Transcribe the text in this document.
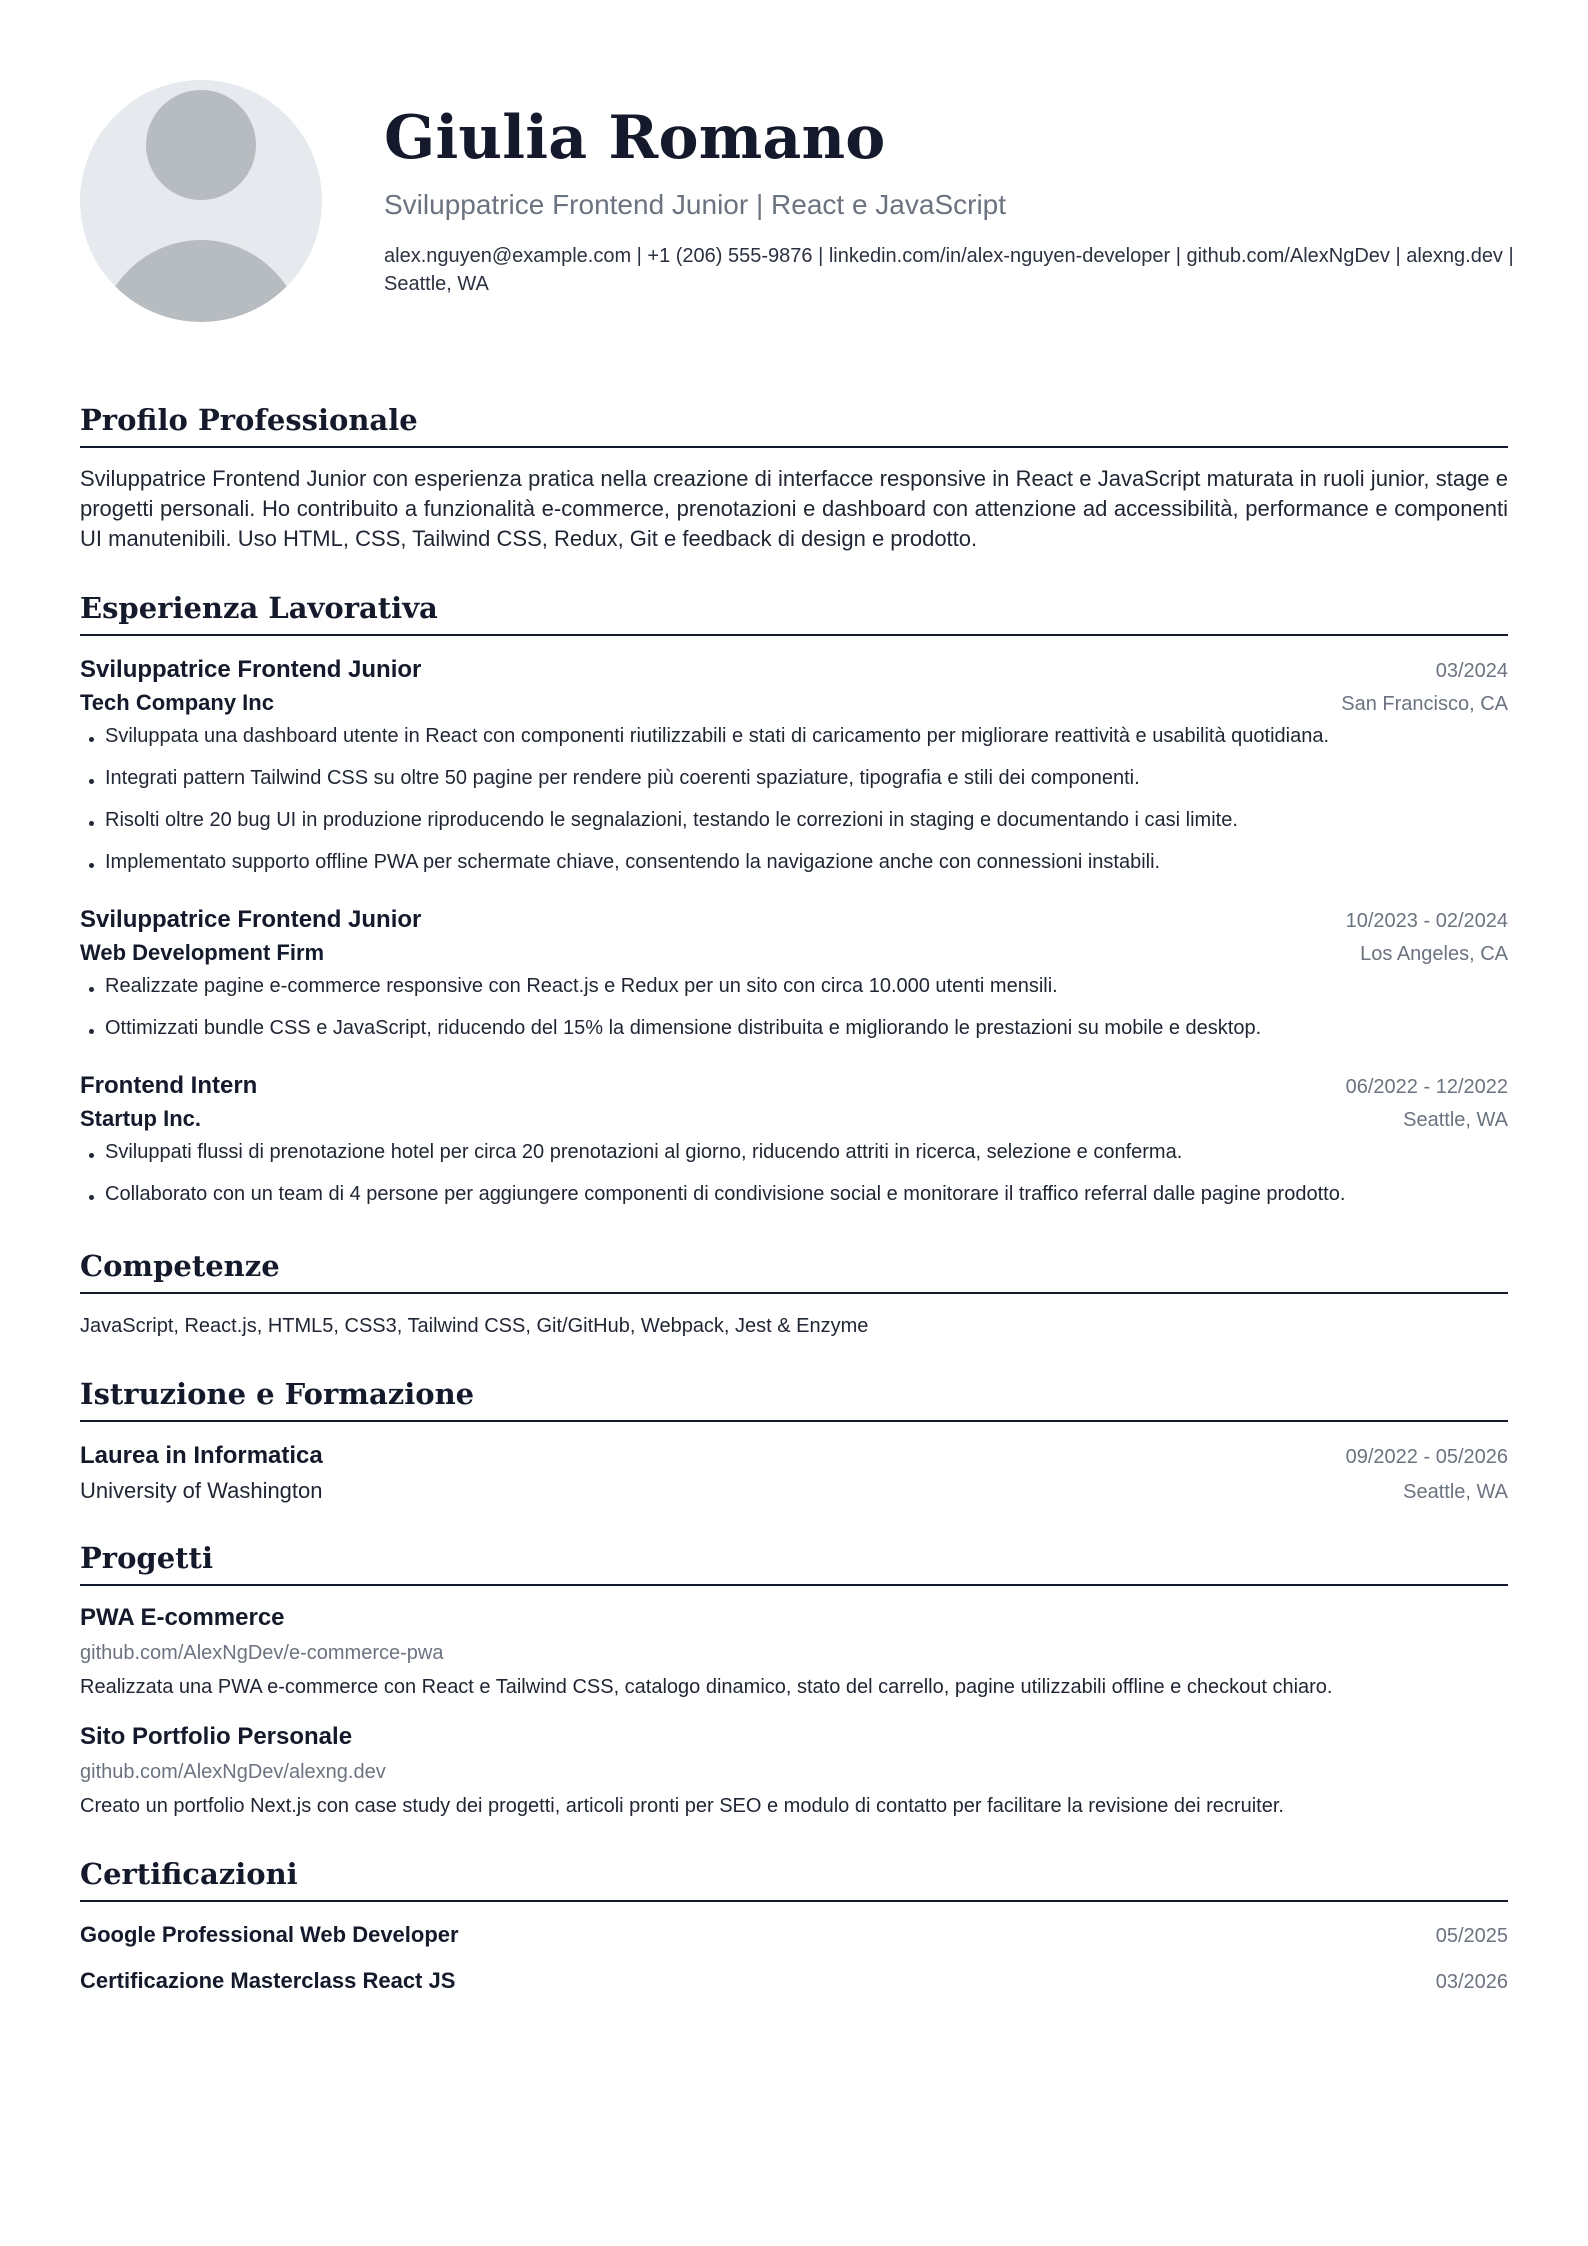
Giulia Romano
Sviluppatrice Frontend Junior | React e JavaScript
alex.nguyen@example.com | +1 (206) 555-9876 | linkedin.com/in/alex-nguyen-developer | github.com/AlexNgDev | alexng.dev | Seattle, WA
Profilo Professionale
Sviluppatrice Frontend Junior con esperienza pratica nella creazione di interfacce responsive in React e JavaScript maturata in ruoli junior, stage e progetti personali. Ho contribuito a funzionalità e-commerce, prenotazioni e dashboard con attenzione ad accessibilità, performance e componenti UI manutenibili. Uso HTML, CSS, Tailwind CSS, Redux, Git e feedback di design e prodotto.
Esperienza Lavorativa
Sviluppatrice Frontend Junior	03/2024
Tech Company Inc	San Francisco, CA
Sviluppata una dashboard utente in React con componenti riutilizzabili e stati di caricamento per migliorare reattività e usabilità quotidiana.
Integrati pattern Tailwind CSS su oltre 50 pagine per rendere più coerenti spaziature, tipografia e stili dei componenti.
Risolti oltre 20 bug UI in produzione riproducendo le segnalazioni, testando le correzioni in staging e documentando i casi limite.
Implementato supporto offline PWA per schermate chiave, consentendo la navigazione anche con connessioni instabili.
Sviluppatrice Frontend Junior	10/2023 - 02/2024
Web Development Firm	Los Angeles, CA
Realizzate pagine e-commerce responsive con React.js e Redux per un sito con circa 10.000 utenti mensili.
Ottimizzati bundle CSS e JavaScript, riducendo del 15% la dimensione distribuita e migliorando le prestazioni su mobile e desktop.
Frontend Intern	06/2022 - 12/2022
Startup Inc.	Seattle, WA
Sviluppati flussi di prenotazione hotel per circa 20 prenotazioni al giorno, riducendo attriti in ricerca, selezione e conferma.
Collaborato con un team di 4 persone per aggiungere componenti di condivisione social e monitorare il traffico referral dalle pagine prodotto.
Competenze
JavaScript, React.js, HTML5, CSS3, Tailwind CSS, Git/GitHub, Webpack, Jest & Enzyme
Istruzione e Formazione
Laurea in Informatica	09/2022 - 05/2026
University of Washington	Seattle, WA
Progetti
PWA E-commerce
github.com/AlexNgDev/e-commerce-pwa
Realizzata una PWA e-commerce con React e Tailwind CSS, catalogo dinamico, stato del carrello, pagine utilizzabili offline e checkout chiaro.
Sito Portfolio Personale
github.com/AlexNgDev/alexng.dev
Creato un portfolio Next.js con case study dei progetti, articoli pronti per SEO e modulo di contatto per facilitare la revisione dei recruiter.
Certificazioni
Google Professional Web Developer	05/2025
Certificazione Masterclass React JS	03/2026
